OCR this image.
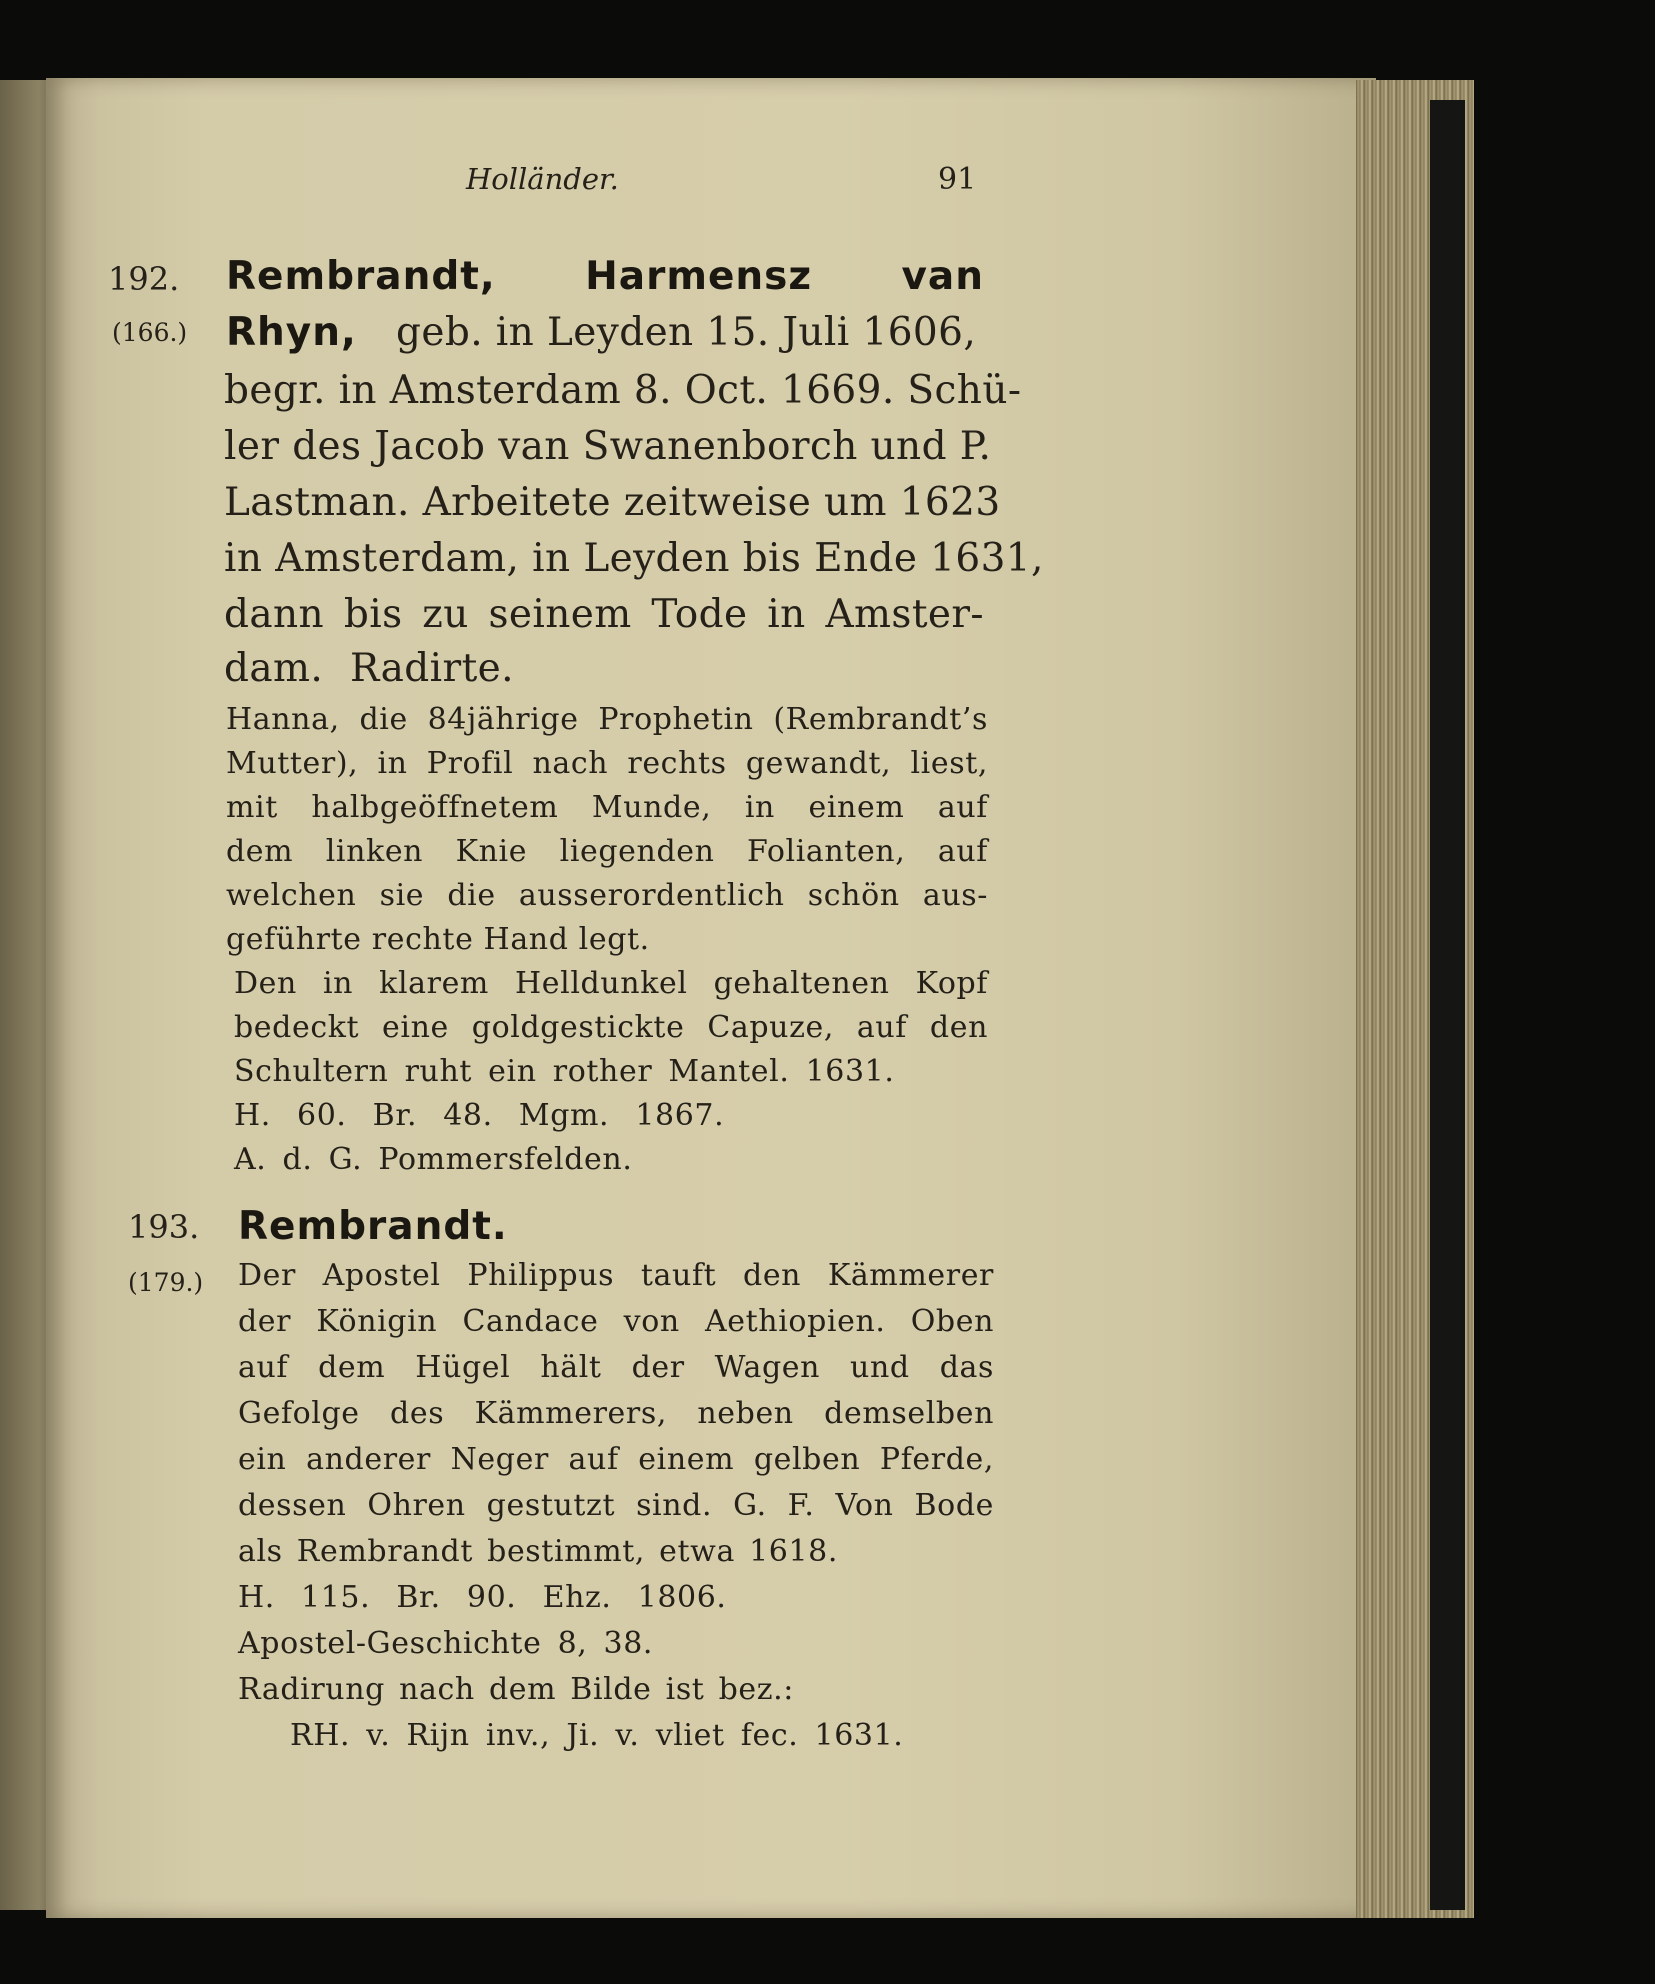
Holländer.	91
192.
(166.)
Rembrandt, Harmensz van
Rhyn, geb. in Leyden 15. Juli 1606,
begr. in Amsterdam 8. Oct. 1669. Schü-
ler des Jacob van Swanenborch und P.
Lastman. Arbeitete zeitweise um 1623
in Amsterdam, in Leyden bis Ende 1631,
dann bis zu seinem Tode in Amster-
dam. Radirte.
Hanna, die 84jährige Prophetin (Rembrandt’s
Mutter), in Profil nach rechts gewandt, liest,
mit halbgeöffnetem Munde, in einem auf
dem linken Knie liegenden Folianten, auf
welchen sie die ausserordentlich schön aus-
geführte rechte Hand legt.
Den in klarem Helldunkel gehaltenen Kopf
bedeckt eine goldgestickte Capuze, auf den
Schultern ruht ein rother Mantel. 1631.
H. 60. Br. 48. Mgm. 1867.
A. d. G. Pommersfelden.
193.
(179.)
Rembrandt.
Der Apostel Philippus tauft den Kämmerer
der Königin Candace von Aethiopien. Oben
auf dem Hügel hält der Wagen und das
Gefolge des Kämmerers, neben demselben
ein anderer Neger auf einem gelben Pferde,
dessen Ohren gestutzt sind. G. F. Von Bode
als Rembrandt bestimmt, etwa 1618.
H. 115. Br. 90. Ehz. 1806.
Apostel-Geschichte 8, 38.
Radirung nach dem Bilde ist bez.:
RH. v. Rijn inv., Ji. v. vliet fec. 1631.
